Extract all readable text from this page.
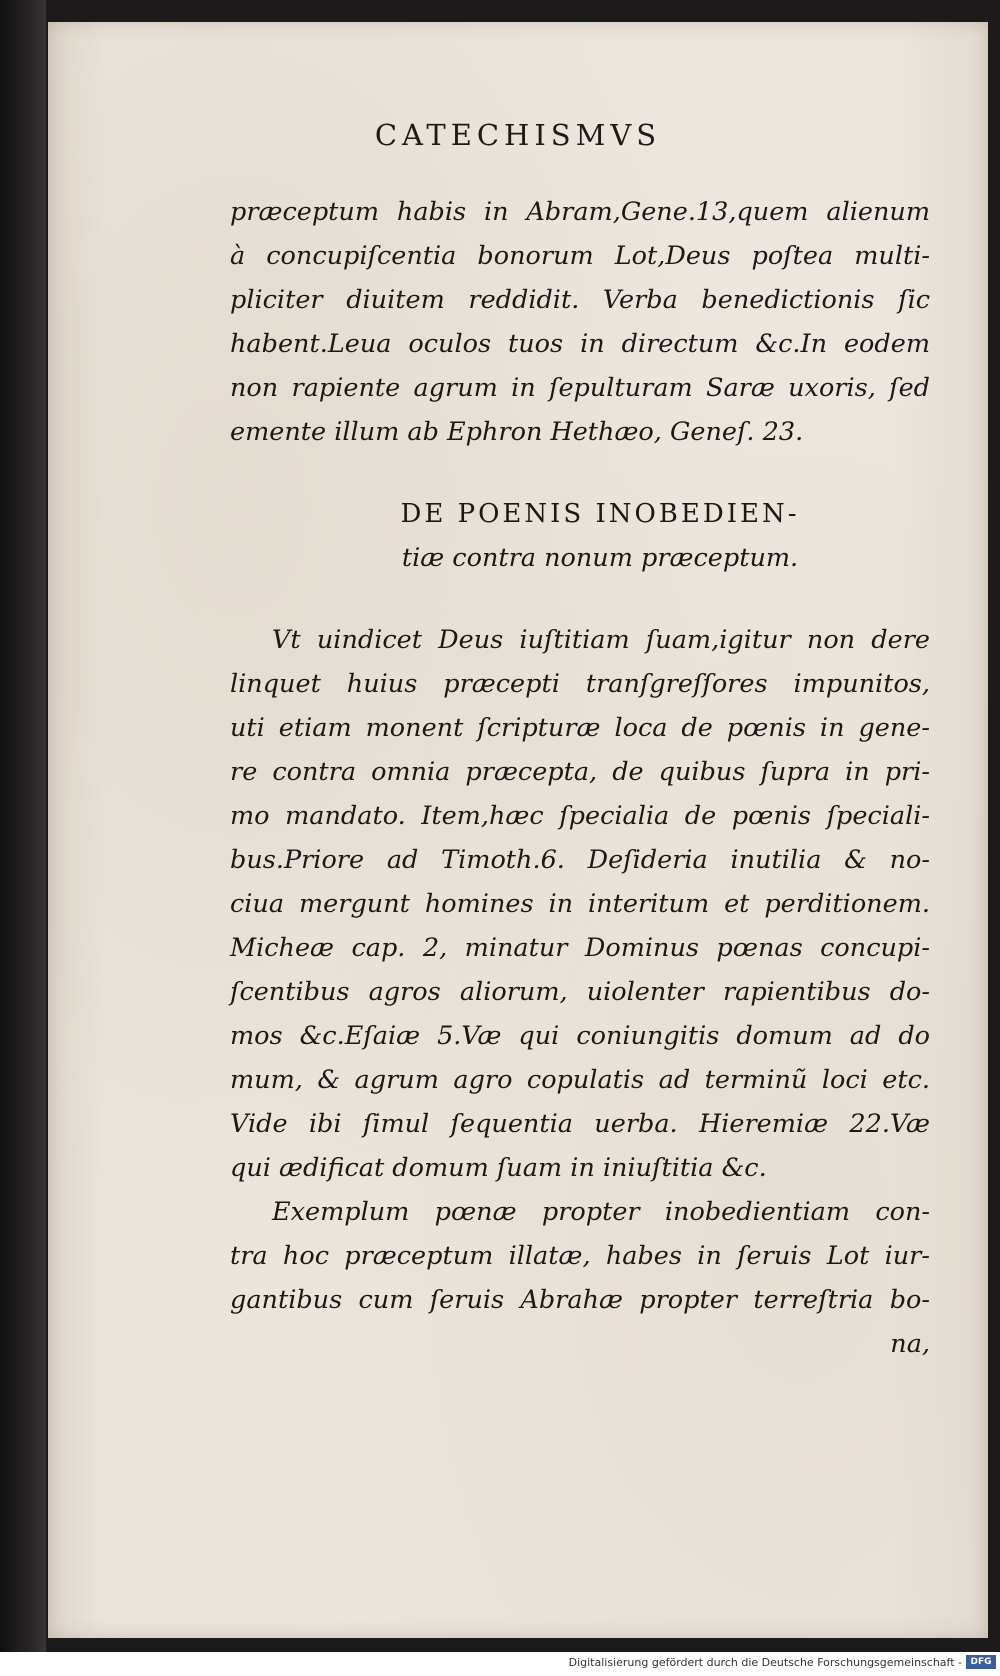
CATECHISMVS
præceptum habis in Abram,Gene.13,quem alienum
à concupiſcentia bonorum Lot,Deus poſtea multi-
pliciter diuitem reddidit. Verba benedictionis ſic
habent.Leua oculos tuos in directum &c.In eodem
non rapiente agrum in ſepulturam Saræ uxoris, ſed
emente illum ab Ephron Hethæo, Geneſ. 23.
DE POENIS INOBEDIEN-
tiæ contra nonum præceptum.
Vt uindicet Deus iuſtitiam ſuam,igitur non dere
linquet huius præcepti tranſgreſſores impunitos,
uti etiam monent ſcripturæ loca de pœnis in gene-
re contra omnia præcepta, de quibus ſupra in pri-
mo mandato. Item,hæc ſpecialia de pœnis ſpeciali-
bus.Priore ad Timoth.6. Deſideria inutilia & no-
ciua mergunt homines in interitum et perditionem.
Micheæ cap. 2, minatur Dominus pœnas concupi-
ſcentibus agros aliorum, uiolenter rapientibus do-
mos &c.Eſaiæ 5.Væ qui coniungitis domum ad do
mum, & agrum agro copulatis ad terminũ loci etc.
Vide ibi ſimul ſequentia uerba. Hieremiæ 22.Væ
qui ædificat domum ſuam in iniuſtitia &c.
Exemplum pœnæ propter inobedientiam con-
tra hoc præceptum illatæ, habes in ſeruis Lot iur-
gantibus cum ſeruis Abrahæ propter terreſtria bo-
na,
Digitalisierung gefördert durch die Deutsche Forschungsgemeinschaft - DFG
